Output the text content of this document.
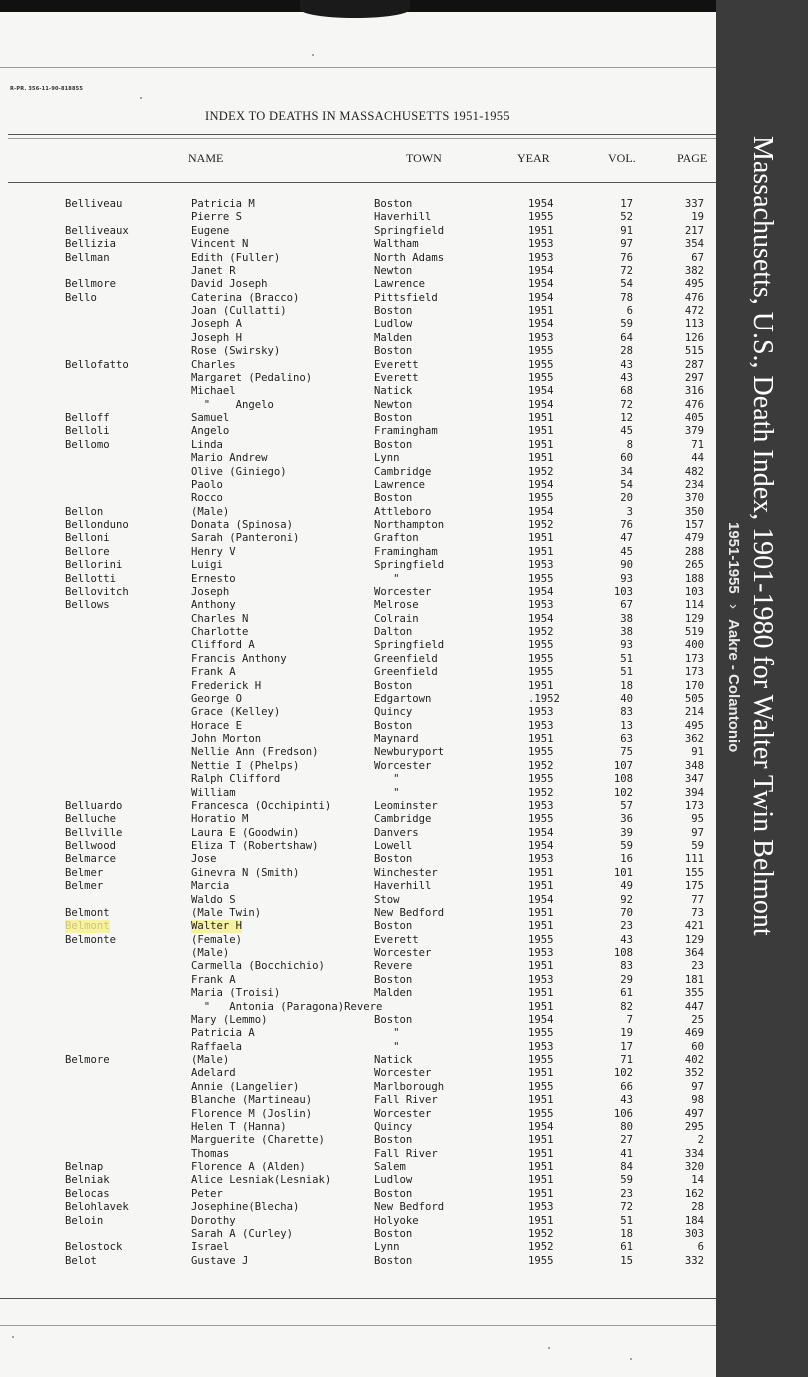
R-PR. 356-11-90-818855
INDEX TO DEATHS IN MASSACHUSETTS 1951-1955
NAME	TOWN	YEAR	VOL.	PAGE
Belliveau	Patricia M	Boston	1954	17	337
Pierre S	Haverhill	1955	52	19
Belliveaux	Eugene	Springfield	1951	91	217
Bellizia	Vincent N	Waltham	1953	97	354
Bellman	Edith (Fuller)	North Adams	1953	76	67
Janet R	Newton	1954	72	382
Bellmore	David Joseph	Lawrence	1954	54	495
Bello	Caterina (Bracco)	Pittsfield	1954	78	476
Joan (Cullatti)	Boston	1951	6	472
Joseph A	Ludlow	1954	59	113
Joseph H	Malden	1953	64	126
Rose (Swirsky)	Boston	1955	28	515
Bellofatto	Charles	Everett	1955	43	287
Margaret (Pedalino)	Everett	1955	43	297
Michael	Natick	1954	68	316
"    Angelo	Newton	1954	72	476
Belloff	Samuel	Boston	1951	12	405
Belloli	Angelo	Framingham	1951	45	379
Bellomo	Linda	Boston	1951	8	71
Mario Andrew	Lynn	1951	60	44
Olive (Giniego)	Cambridge	1952	34	482
Paolo	Lawrence	1954	54	234
Rocco	Boston	1955	20	370
Bellon	(Male)	Attleboro	1954	3	350
Bellonduno	Donata (Spinosa)	Northampton	1952	76	157
Belloni	Sarah (Panteroni)	Grafton	1951	47	479
Bellore	Henry V	Framingham	1951	45	288
Bellorini	Luigi	Springfield	1953	90	265
Bellotti	Ernesto	"	1955	93	188
Bellovitch	Joseph	Worcester	1954	103	103
Bellows	Anthony	Melrose	1953	67	114
Charles N	Colrain	1954	38	129
Charlotte	Dalton	1952	38	519
Clifford A	Springfield	1955	93	400
Francis Anthony	Greenfield	1955	51	173
Frank A	Greenfield	1955	51	173
Frederick H	Boston	1951	18	170
George O	Edgartown	.1952	40	505
Grace (Kelley)	Quincy	1953	83	214
Horace E	Boston	1953	13	495
John Morton	Maynard	1951	63	362
Nellie Ann (Fredson)	Newburyport	1955	75	91
Nettie I (Phelps)	Worcester	1952	107	348
Ralph Clifford	"	1955	108	347
William	"	1952	102	394
Belluardo	Francesca (Occhipinti)	Leominster	1953	57	173
Belluche	Horatio M	Cambridge	1955	36	95
Bellville	Laura E (Goodwin)	Danvers	1954	39	97
Bellwood	Eliza T (Robertshaw)	Lowell	1954	59	59
Belmarce	Jose	Boston	1953	16	111
Belmer	Ginevra N (Smith)	Winchester	1951	101	155
Belmer	Marcia	Haverhill	1951	49	175
Waldo S	Stow	1954	92	77
Belmont	(Male Twin)	New Bedford	1951	70	73
Belmont	Walter H	Boston	1951	23	421
Belmonte	(Female)	Everett	1955	43	129
(Male)	Worcester	1953	108	364
Carmella (Bocchichio)	Revere	1951	83	23
Frank A	Boston	1953	29	181
Maria (Troisi)	Malden	1951	61	355
"   Antonia (Paragona)Revere	1951	82	447
Mary (Lemmo)	Boston	1954	7	25
Patricia A	"	1955	19	469
Raffaela	"	1953	17	60
Belmore	(Male)	Natick	1955	71	402
Adelard	Worcester	1951	102	352
Annie (Langelier)	Marlborough	1955	66	97
Blanche (Martineau)	Fall River	1951	43	98
Florence M (Joslin)	Worcester	1955	106	497
Helen T (Hanna)	Quincy	1954	80	295
Marguerite (Charette)	Boston	1951	27	2
Thomas	Fall River	1951	41	334
Belnap	Florence A (Alden)	Salem	1951	84	320
Belniak	Alice Lesniak(Lesniak)	Ludlow	1951	59	14
Belocas	Peter	Boston	1951	23	162
Belohlavek	Josephine(Blecha)	New Bedford	1953	72	28
Beloin	Dorothy	Holyoke	1951	51	184
Sarah A (Curley)	Boston	1952	18	303
Belostock	Israel	Lynn	1952	61	6
Belot	Gustave J	Boston	1955	15	332
Massachusetts, U.S., Death Index, 1901-1980 for Walter Twin Belmont
1951-1955›Aakre - Colantonio
